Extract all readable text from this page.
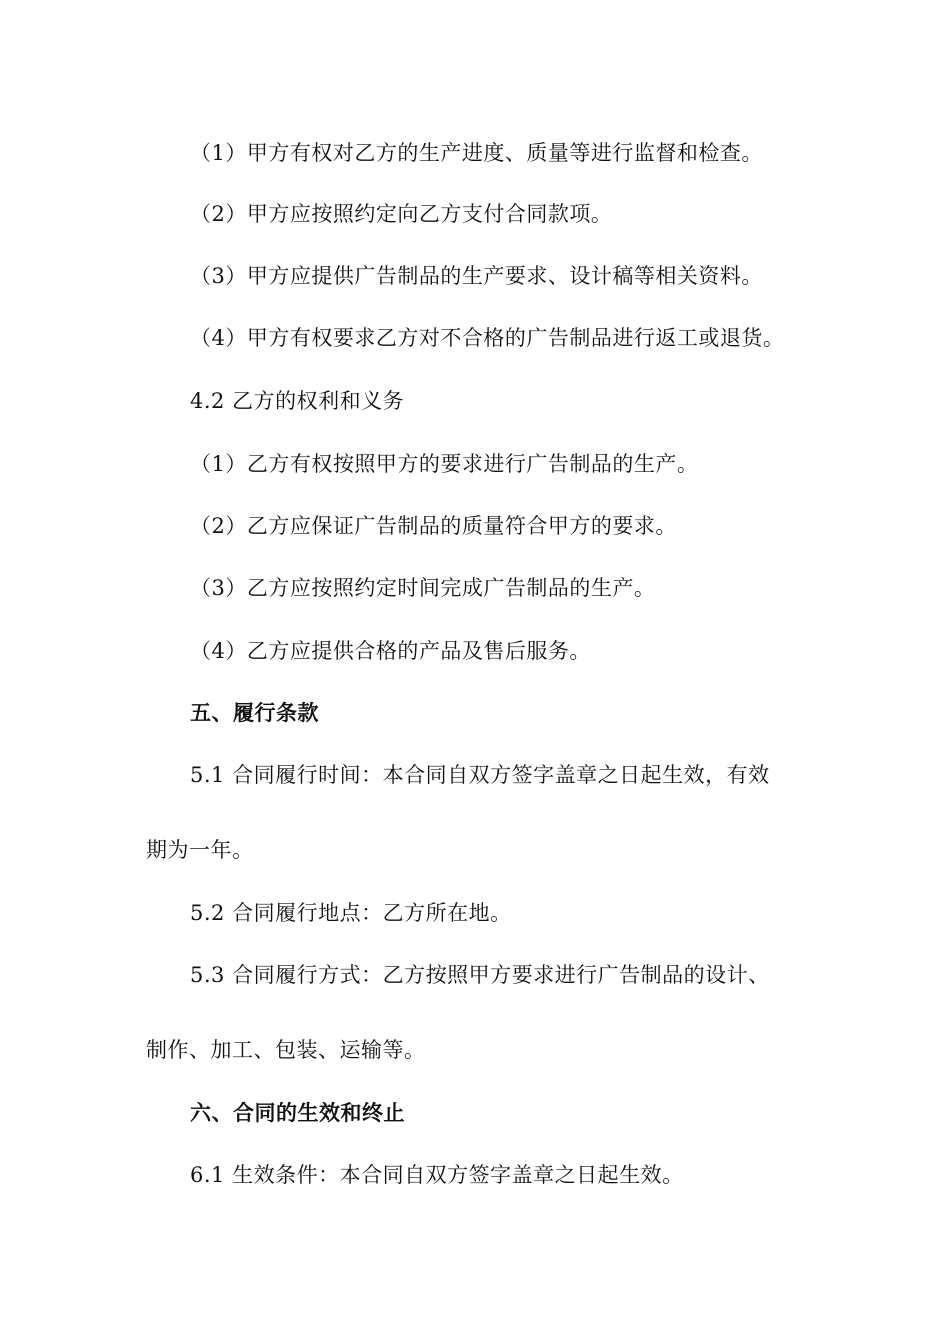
（1）甲方有权对乙方的生产进度、质量等进行监督和检查。
（2）甲方应按照约定向乙方支付合同款项。
（3）甲方应提供广告制品的生产要求、设计稿等相关资料。
（4）甲方有权要求乙方对不合格的广告制品进行返工或退货。
4.2 乙方的权利和义务
（1）乙方有权按照甲方的要求进行广告制品的生产。
（2）乙方应保证广告制品的质量符合甲方的要求。
（3）乙方应按照约定时间完成广告制品的生产。
（4）乙方应提供合格的产品及售后服务。
五、履行条款
5.1 合同履行时间：本合同自双方签字盖章之日起生效，有效
期为一年。
5.2 合同履行地点：乙方所在地。
5.3 合同履行方式：乙方按照甲方要求进行广告制品的设计、
制作、加工、包装、运输等。
六、合同的生效和终止
6.1 生效条件：本合同自双方签字盖章之日起生效。
